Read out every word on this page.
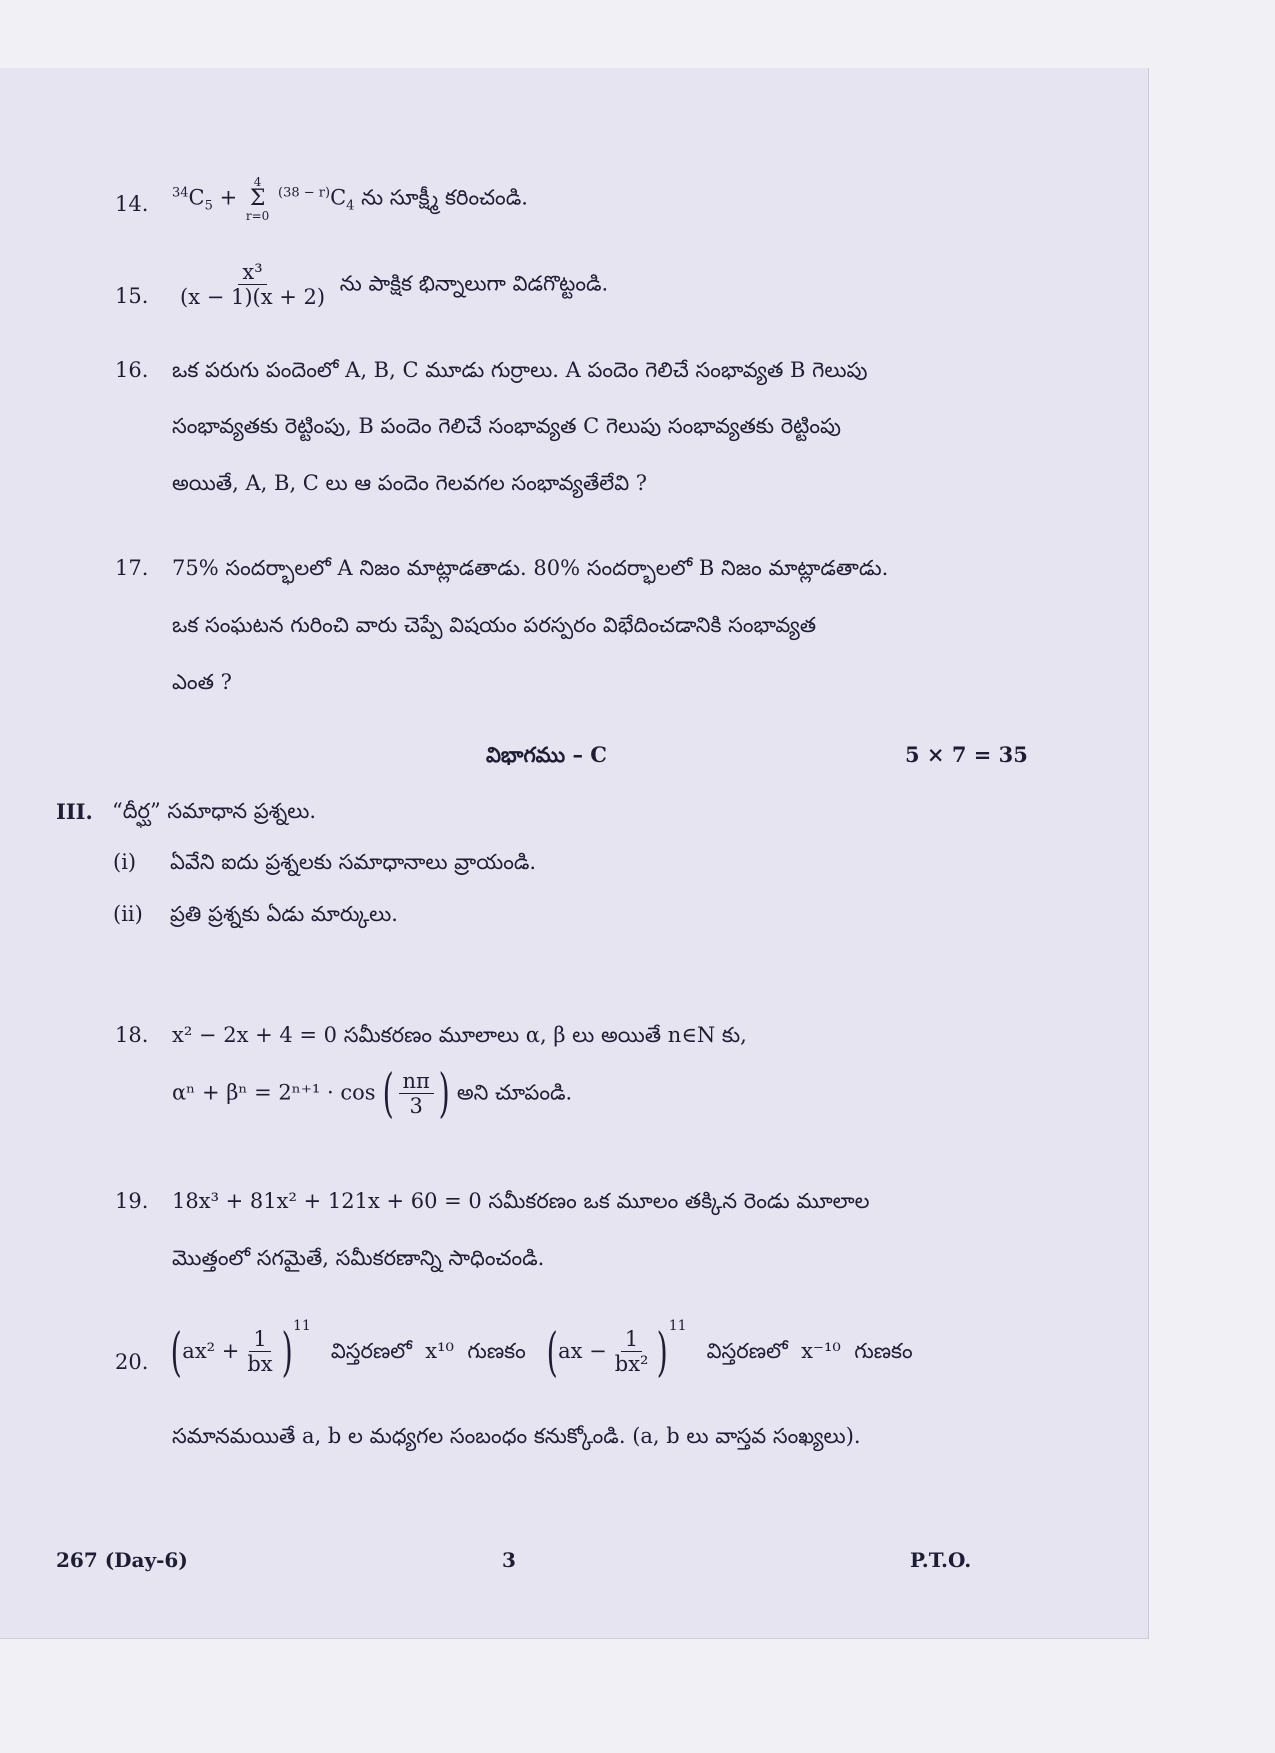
14. $^{34}C_5$ +
4
Σ
r=0
$^{(38 - r)}C_4$ ను సూక్ష్మీ కరించండి.
15. $\frac{\text{x³}}{(x - 1)(x + 2)}$ ను పాక్షిక భిన్నాలుగా విడగొట్టండి.
16. ఒక పరుగు పందెంలో A, B, C మూడు గుర్రాలు. A పందెం గెలిచే సంభావ్యత B గెలుపు
సంభావ్యతకు రెట్టింపు, B పందెం గెలిచే సంభావ్యత C గెలుపు సంభావ్యతకు రెట్టింపు
అయితే, A, B, C లు ఆ పందెం గెలవగల సంభావ్యతేలేవి ?
17. 75% సందర్భాలలో A నిజం మాట్లాడతాడు. 80% సందర్భాలలో B నిజం మాట్లాడతాడు.
ఒక సంఘటన గురించి వారు చెప్పే విషయం పరస్పరం విభేదించడానికి సంభావ్యత
ఎంత ?
విభాగము – C	5 × 7 = 35
III. “దీర్ఘ” సమాధాన ప్రశ్నలు.
(i) ఏవేని ఐదు ప్రశ్నలకు సమాధానాలు వ్రాయండి.
(ii) ప్రతి ప్రశ్నకు ఏడు మార్కులు.
18. x² − 2x + 4 = 0 సమీకరణం మూలాలు α, β లు అయితే n∈N కు,
αⁿ + βⁿ = 2ⁿ⁺¹ · cos ( $\frac{n\pi}{3}$ ) అని చూపండి.
19. 18x³ + 81x² + 121x + 60 = 0 సమీకరణం ఒక మూలం తక్కిన రెండు మూలాల
మొత్తంలో సగమైతే, సమీకరణాన్ని సాధించండి.
20. $(ax^2 + \frac{1}{bx} )^{11}$   విస్తరణలో x¹⁰ గుణకం $(ax - \frac{1}{\text{bx²}} )^{11}$   విస్తరణలో x⁻¹⁰ గుణకం
సమానమయితే a, b ల మధ్యగల సంబంధం కనుక్కోండి. (a, b లు వాస్తవ సంఖ్యలు).
267 (Day-6)	3	P.T.O.
